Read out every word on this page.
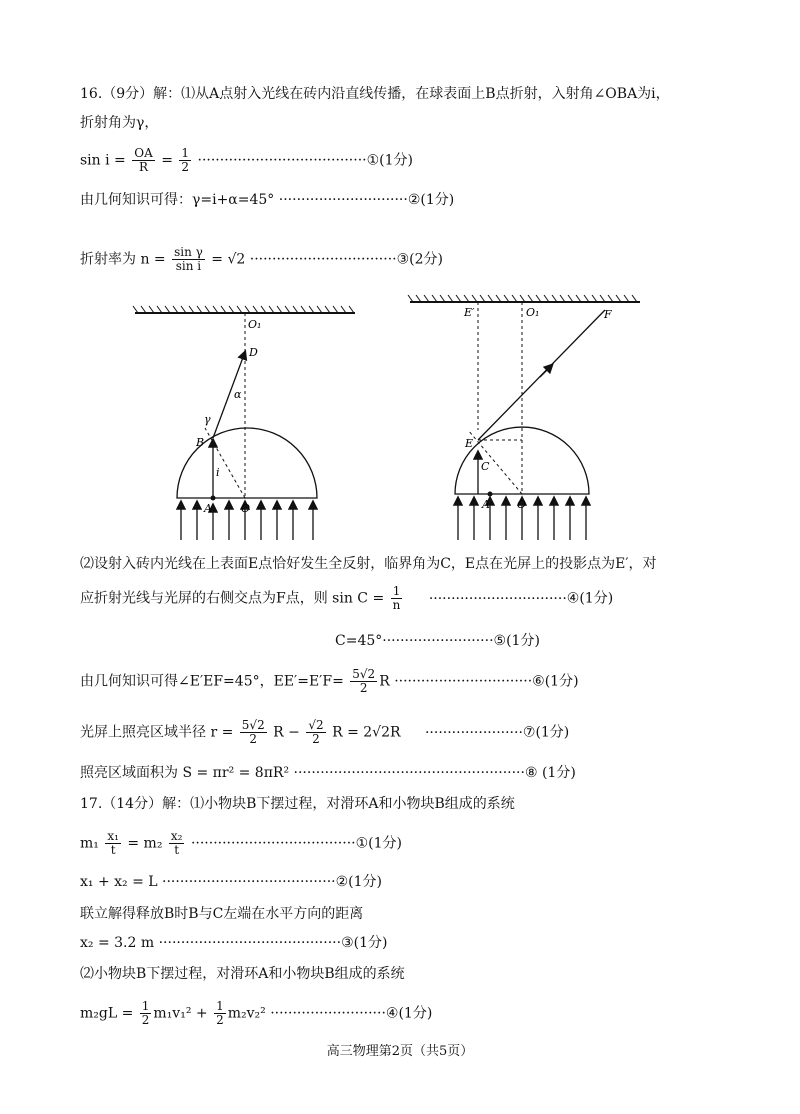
16.（9分）解：⑴从A点射入光线在砖内沿直线传播，在球表面上B点折射，入射角∠OBA为i，
折射角为γ，
$\sin i = \frac{OA}{R} = \frac{1}{2}$ ······································①(1分)
由几何知识可得：γ=i+α=45° ·····························②(1分)
折射率为 $n = \frac{\text{sin γ}}{\text{sin i}} = √2$ ·································③(2分)
O₁
D
α
γ
B
i
A	O
E′	O₁	F
E
C
A O
⑵设射入砖内光线在上表面E点恰好发生全反射，临界角为C，E点在光屏上的投影点为E′，对
应折射光线与光屏的右侧交点为F点，则 $\sin C = \frac{1}{n}$ ·······························④(1分)
C=45°·························⑤(1分)
由几何知识可得∠E′EF=45°，$EE'=E'F= \frac{5√2}{2}$ R ·······························⑥(1分)
光屏上照亮区域半径 $r = \frac{5√2}{2}$ $R - \frac{√2}{2}$ R = 2√2R ······················⑦(1分)
照亮区域面积为 S = πr² = 8πR² ····················································⑧ (1分)
17.（14分）解：⑴小物块B下摆过程，对滑环A和小物块B组成的系统
$m_1 \frac{\text{x₁}}{t} = m_2 \frac{\text{x₂}}{t}$ ·····································①(1分)
x₁ + x₂ = L ·······································②(1分)
联立解得释放B时B与C左端在水平方向的距离
x₂ = 3.2 m ·········································③(1分)
⑵小物块B下摆过程，对滑环A和小物块B组成的系统
$m_2gL = \frac{1}{2} m_1v_1^2 + \frac{1}{2} m_2v_2^2$ ··························④(1分)
高三物理第2页（共5页）
